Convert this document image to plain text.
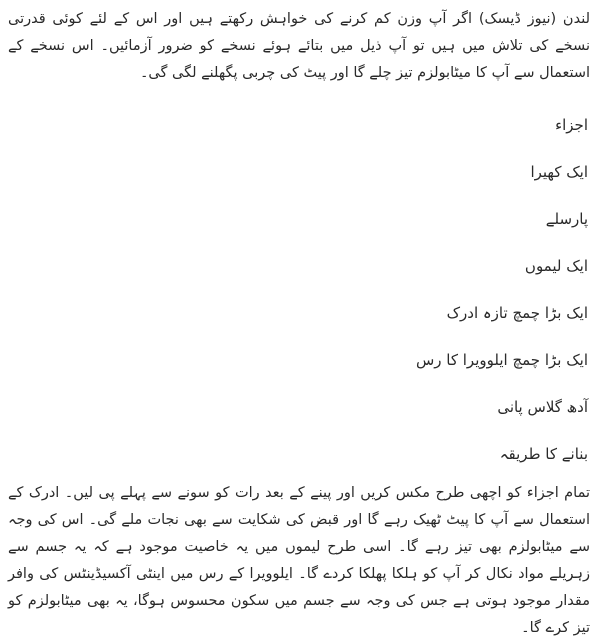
لندن (نیوز ڈیسک) اگر آپ وزن کم کرنے کی خواہش رکھتے ہیں اور اس کے لئے کوئی قدرتی نسخے کی تلاش میں ہیں تو آپ ذیل میں بتائے ہوئے نسخے کو ضرور آزمائیں۔ اس نسخے کے استعمال سے آپ کا میٹابولزم تیز چلے گا اور پیٹ کی چربی پگھلنے لگی گی۔

اجزاء

ایک کھیرا

پارسلے

ایک لیموں

ایک بڑا چمچ تازہ ادرک

ایک بڑا چمچ ایلوویرا کا رس

آدھ گلاس پانی

بنانے کا طریقہ

تمام اجزاء کو اچھی طرح مکس کریں اور پینے کے بعد رات کو سونے سے پہلے پی لیں۔ ادرک کے استعمال سے آپ کا پیٹ ٹھیک رہے گا اور قبض کی شکایت سے بھی نجات ملے گی۔ اس کی وجہ سے میٹابولزم بھی تیز رہے گا۔ اسی طرح لیموں میں یہ خاصیت موجود ہے کہ یہ جسم سے زہریلے مواد نکال کر آپ کو ہلکا پھلکا کردے گا۔ ایلوویرا کے رس میں اینٹی آکسیڈینٹس کی وافر مقدار موجود ہوتی ہے جس کی وجہ سے جسم میں سکون محسوس ہوگا، یہ بھی میٹابولزم کو تیز کرے گا۔
